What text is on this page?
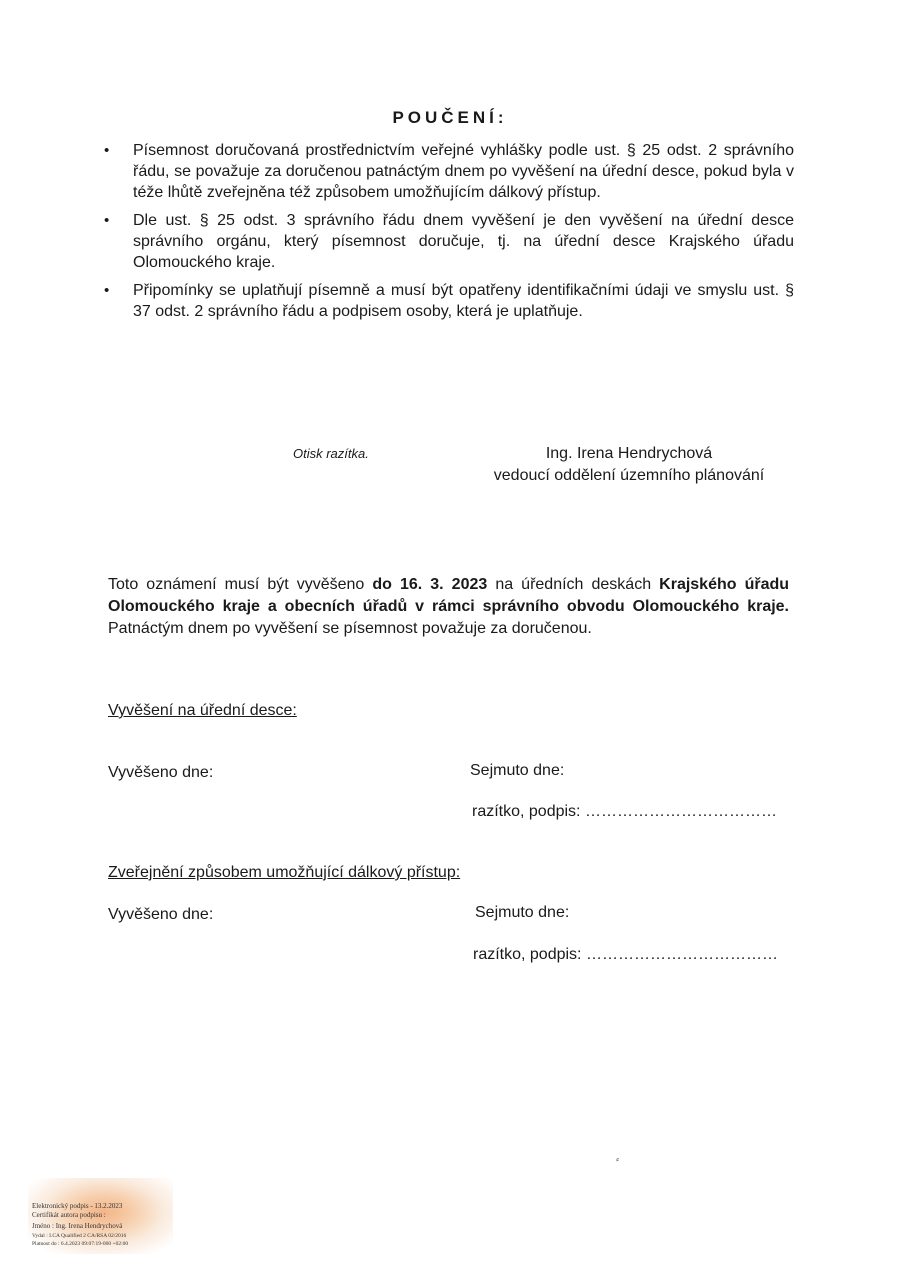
POUČENÍ:
• Písemnost doručovaná prostřednictvím veřejné vyhlášky podle ust. § 25 odst. 2 správního řádu, se považuje za doručenou patnáctým dnem po vyvěšení na úřední desce, pokud byla v téže lhůtě zveřejněna též způsobem umožňujícím dálkový přístup.
• Dle ust. § 25 odst. 3 správního řádu dnem vyvěšení je den vyvěšení na úřední desce správního orgánu, který písemnost doručuje, tj. na úřední desce Krajského úřadu Olomouckého kraje.
• Připomínky se uplatňují písemně a musí být opatřeny identifikačními údaji ve smyslu ust. § 37 odst. 2 správního řádu a podpisem osoby, která je uplatňuje.
Otisk razítka.	Ing. Irena Hendrychová
vedoucí oddělení územního plánování
Toto oznámení musí být vyvěšeno do 16. 3. 2023 na úředních deskách Krajského úřadu Olomouckého kraje a obecních úřadů v rámci správního obvodu Olomouckého kraje. Patnáctým dnem po vyvěšení se písemnost považuje za doručenou.
Vyvěšení na úřední desce:
Vyvěšeno dne:	Sejmuto dne:
razítko, podpis: ………………………………
Zveřejnění způsobem umožňující dálkový přístup:
Vyvěšeno dne:	Sejmuto dne:
razítko, podpis: ………………………………
⸗
Elektronický podpis - 13.2.2023
Certifikát autora podpisu :
Jméno : Ing. Irena Hendrychová
Vydal : I.CA Qualified 2 CA/RSA 02/2016
Platnost do : 6.4.2023 09:07:19-000 +02:00
